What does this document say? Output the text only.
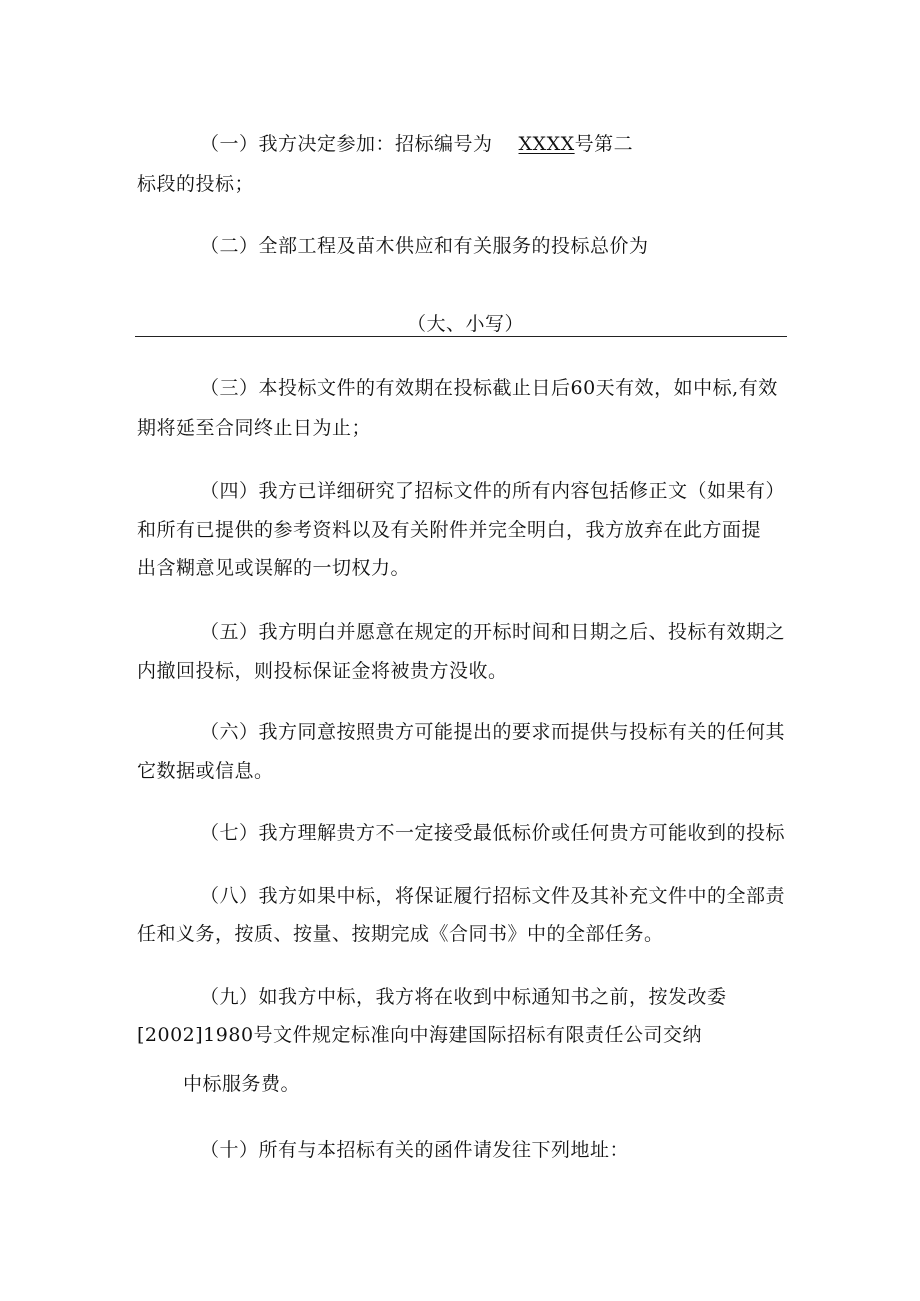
（一）我方决定参加：招标编号为 XXXX号第二
标段的投标；
（二）全部工程及苗木供应和有关服务的投标总价为
（大、小写）
（三）本投标文件的有效期在投标截止日后60天有效，如中标,有效
期将延至合同终止日为止；
（四）我方已详细研究了招标文件的所有内容包括修正文（如果有）
和所有已提供的参考资料以及有关附件并完全明白，我方放弃在此方面提
出含糊意见或误解的一切权力。
（五）我方明白并愿意在规定的开标时间和日期之后、投标有效期之
内撤回投标，则投标保证金将被贵方没收。
（六）我方同意按照贵方可能提出的要求而提供与投标有关的任何其
它数据或信息。
（七）我方理解贵方不一定接受最低标价或任何贵方可能收到的投标
（八）我方如果中标，将保证履行招标文件及其补充文件中的全部责
任和义务，按质、按量、按期完成《合同书》中的全部任务。
（九）如我方中标，我方将在收到中标通知书之前，按发改委
[2002]1980号文件规定标准向中海建国际招标有限责任公司交纳
中标服务费。
（十）所有与本招标有关的函件请发往下列地址：
